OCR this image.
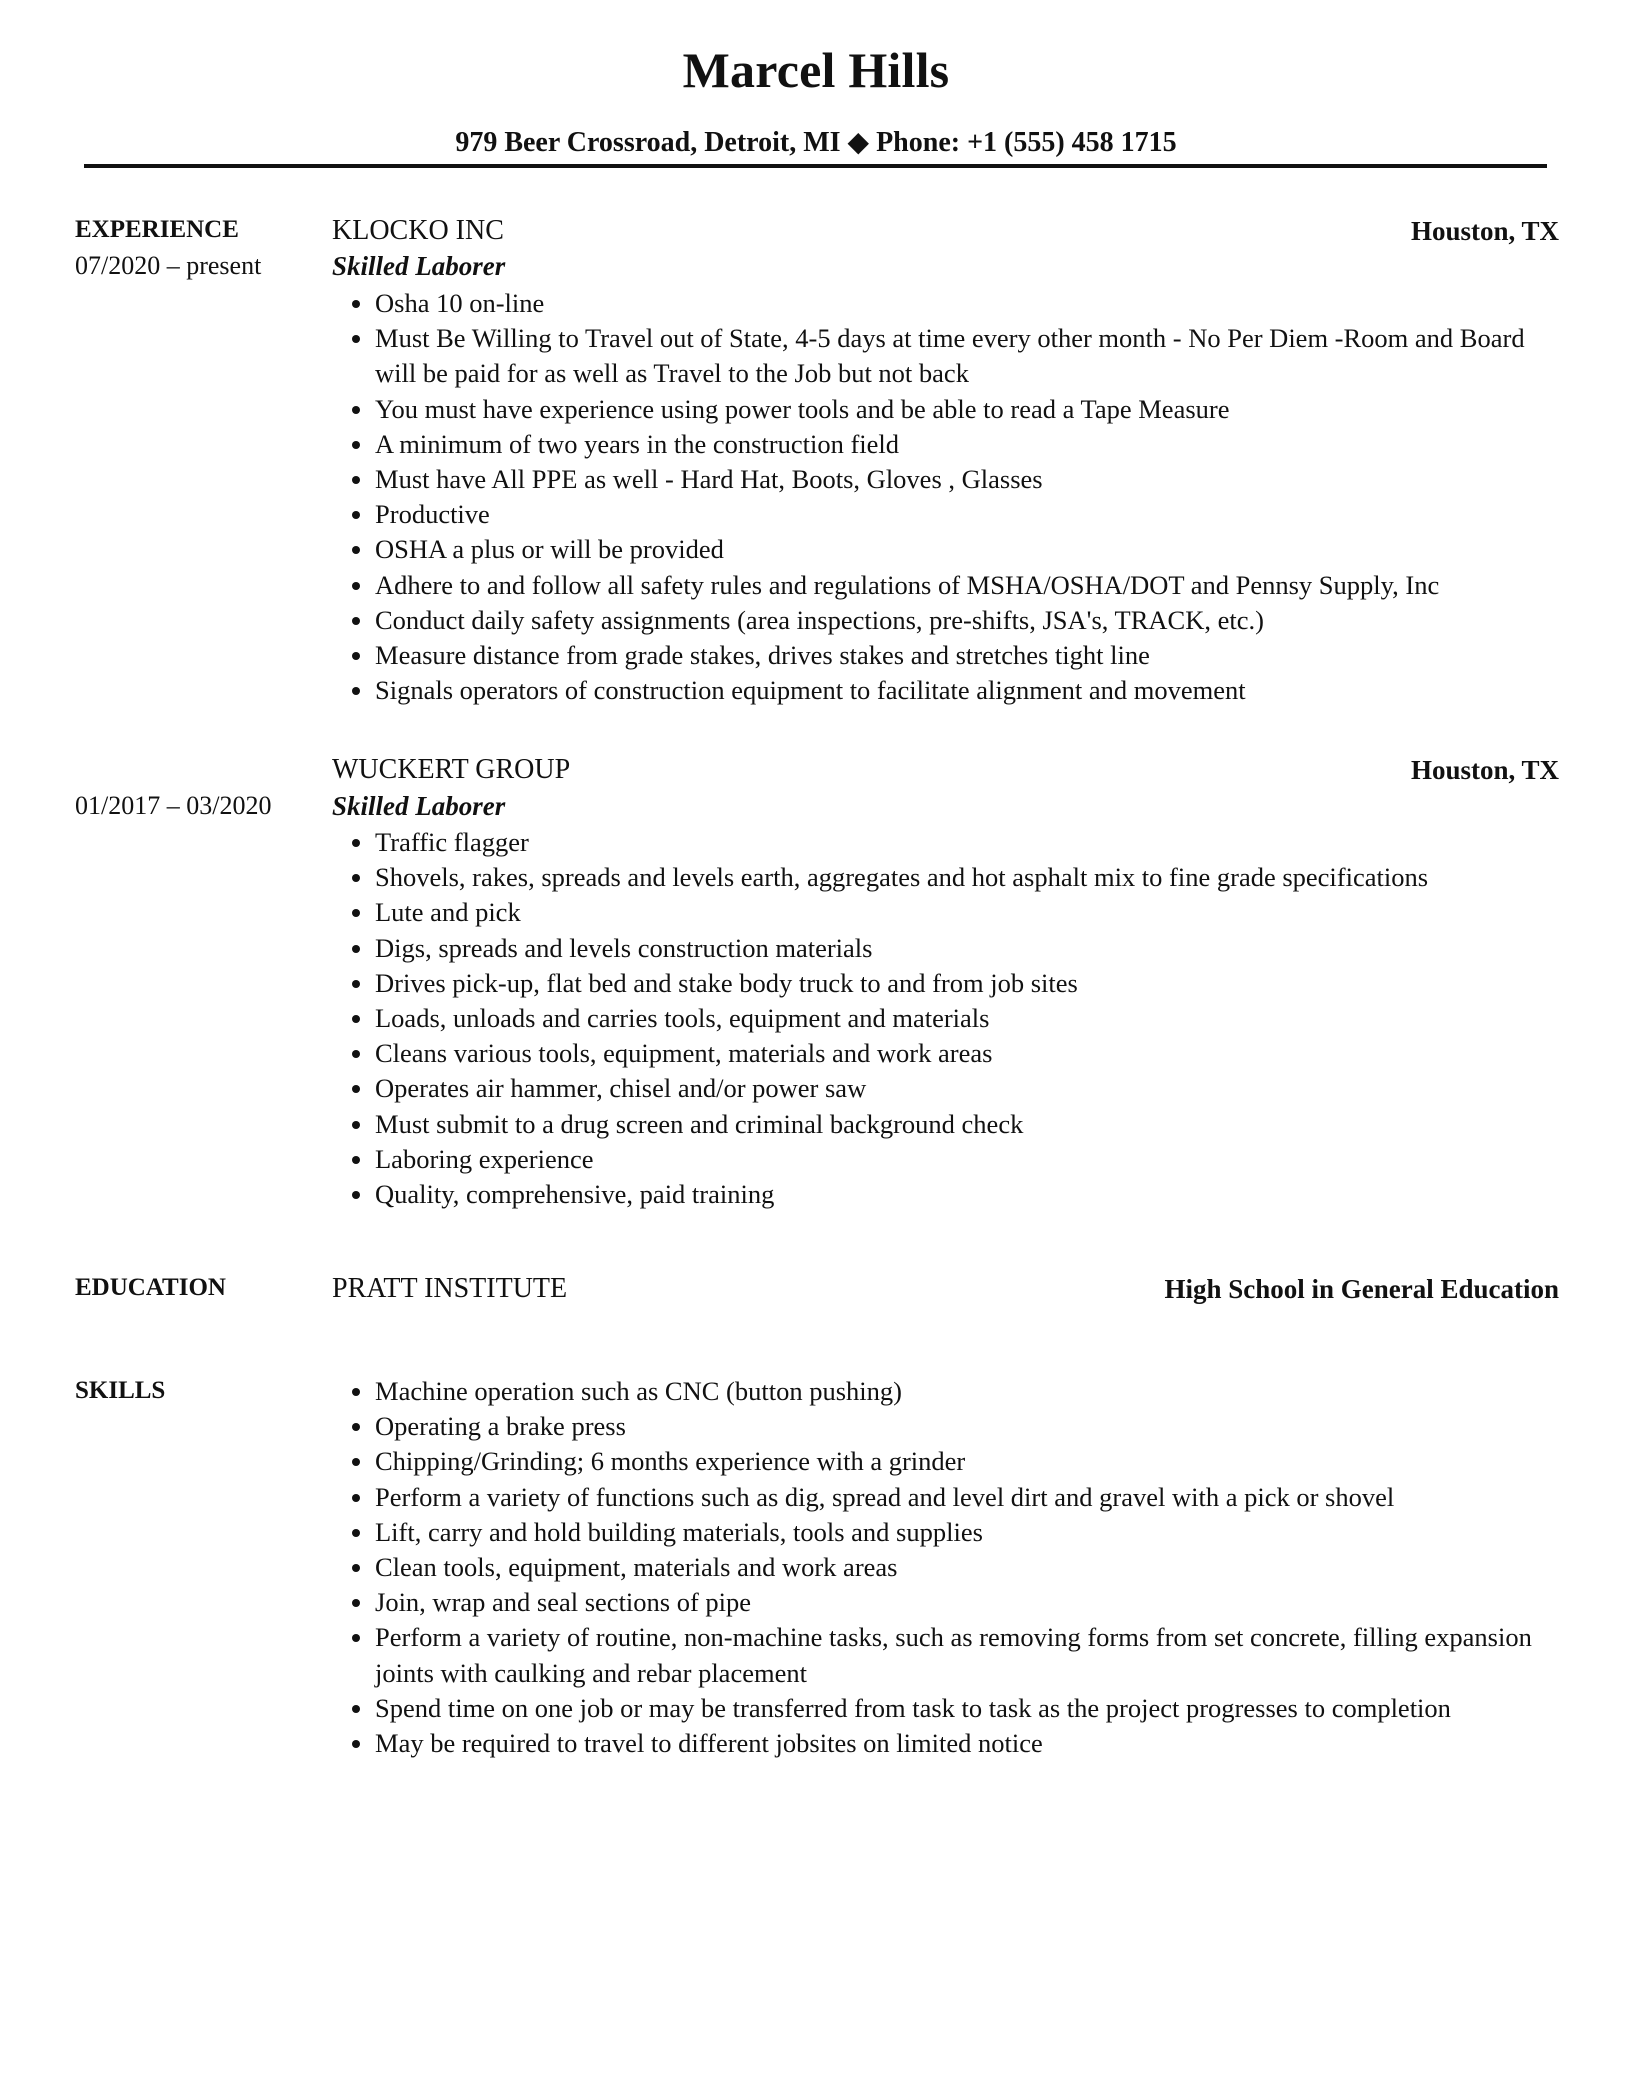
Marcel Hills
979 Beer Crossroad, Detroit, MI ◆ Phone: +1 (555) 458 1715
EXPERIENCE
07/2020 – present
KLOCKO INC	Houston, TX
Skilled Laborer
Osha 10 on-line
Must Be Willing to Travel out of State, 4-5 days at time every other month - No Per Diem -Room and Board will be paid for as well as Travel to the Job but not back
You must have experience using power tools and be able to read a Tape Measure
A minimum of two years in the construction field
Must have All PPE as well - Hard Hat, Boots, Gloves , Glasses
Productive
OSHA a plus or will be provided
Adhere to and follow all safety rules and regulations of MSHA/OSHA/DOT and Pennsy Supply, Inc
Conduct daily safety assignments (area inspections, pre-shifts, JSA's, TRACK, etc.)
Measure distance from grade stakes, drives stakes and stretches tight line
Signals operators of construction equipment to facilitate alignment and movement
01/2017 – 03/2020
WUCKERT GROUP	Houston, TX
Skilled Laborer
Traffic flagger
Shovels, rakes, spreads and levels earth, aggregates and hot asphalt mix to fine grade specifications
Lute and pick
Digs, spreads and levels construction materials
Drives pick-up, flat bed and stake body truck to and from job sites
Loads, unloads and carries tools, equipment and materials
Cleans various tools, equipment, materials and work areas
Operates air hammer, chisel and/or power saw
Must submit to a drug screen and criminal background check
Laboring experience
Quality, comprehensive, paid training
EDUCATION	PRATT INSTITUTE	High School in General Education
SKILLS	Machine operation such as CNC (button pushing)
Operating a brake press
Chipping/Grinding; 6 months experience with a grinder
Perform a variety of functions such as dig, spread and level dirt and gravel with a pick or shovel
Lift, carry and hold building materials, tools and supplies
Clean tools, equipment, materials and work areas
Join, wrap and seal sections of pipe
Perform a variety of routine, non-machine tasks, such as removing forms from set concrete, filling expansion joints with caulking and rebar placement
Spend time on one job or may be transferred from task to task as the project progresses to completion
May be required to travel to different jobsites on limited notice
